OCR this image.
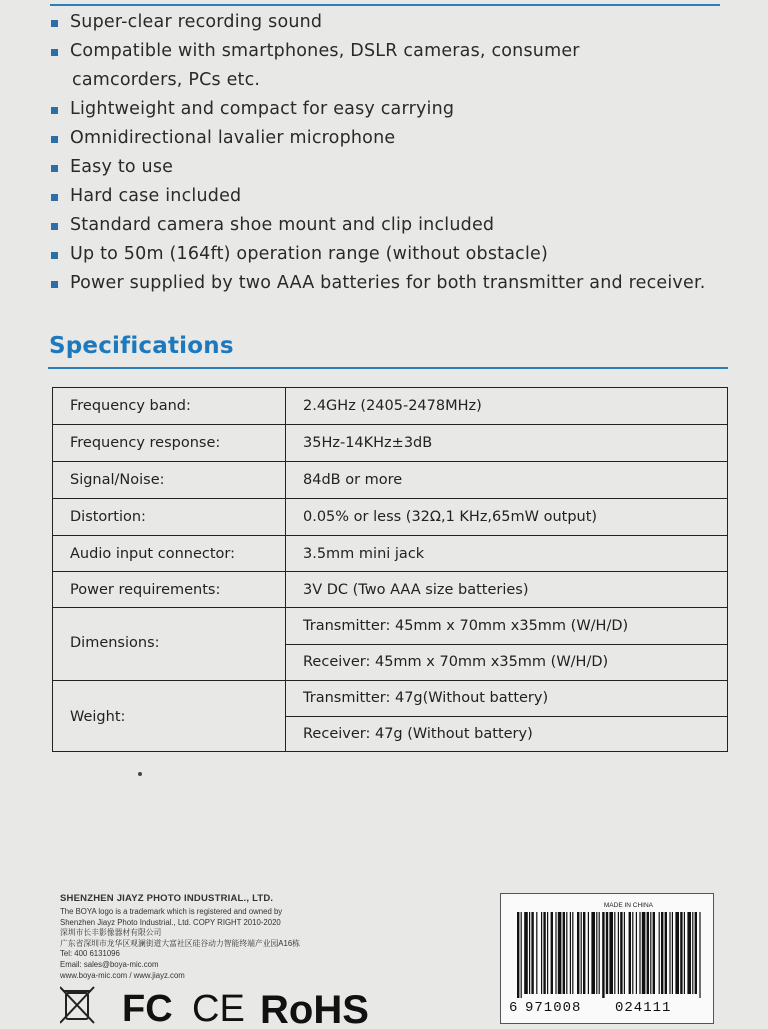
Super-clear recording sound
Compatible with smartphones, DSLR cameras, consumer
camcorders, PCs etc.
Lightweight and compact for easy carrying
Omnidirectional lavalier microphone
Easy to use
Hard case included
Standard camera shoe mount and clip included
Up to 50m (164ft) operation range (without obstacle)
Power supplied by two AAA batteries for both transmitter and receiver.
Specifications
Frequency band:	2.4GHz (2405-2478MHz)
Frequency response:	35Hz-14KHz±3dB
Signal/Noise:	84dB or more
Distortion:	0.05% or less (32Ω,1 KHz,65mW output)
Audio input connector:	3.5mm mini jack
Power requirements:	3V DC (Two AAA size batteries)
Dimensions:
Transmitter: 45mm x 70mm x35mm (W/H/D)
Receiver: 45mm x 70mm x35mm (W/H/D)
Weight:
Transmitter: 47g(Without battery)
Receiver: 47g (Without battery)
SHENZHEN JIAYZ PHOTO INDUSTRIAL., LTD.
The BOYA logo is a trademark which is registered and owned by
Shenzhen Jiayz Photo Industrial., Ltd. COPY RIGHT 2010-2020
深圳市长丰影像器材有限公司
广东省深圳市龙华区观澜街道大富社区硅谷动力智能终端产业园A16栋
Tel: 400 6131096
Email: sales@boya-mic.com
www.boya-mic.com / www.jiayz.com
FC CE RoHS
MADE IN CHINA
6 971008 024111
